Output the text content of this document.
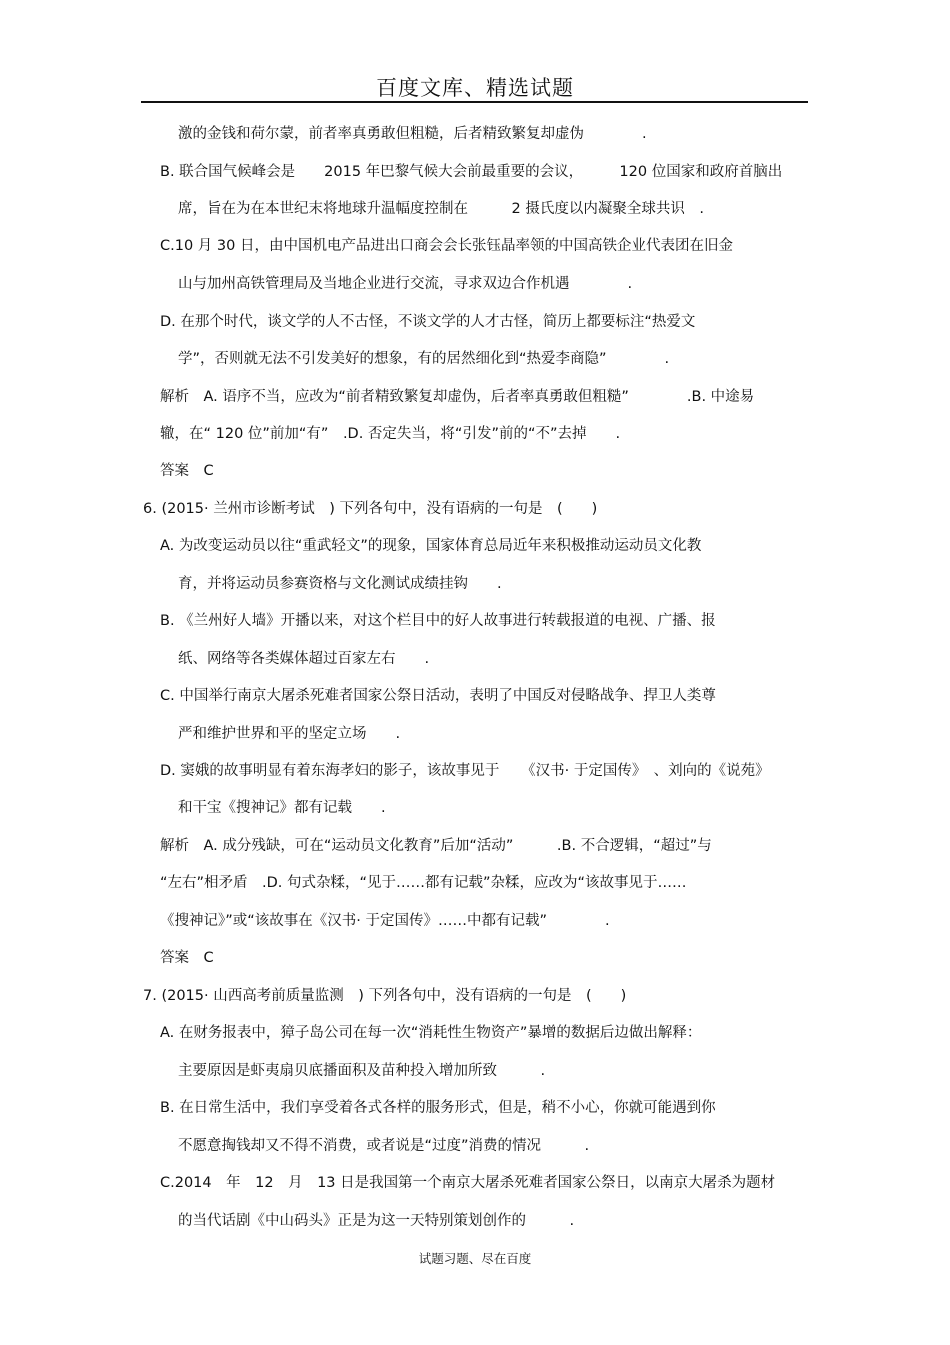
百度文库、精选试题
激的金钱和荷尔蒙，前者率真勇敢但粗糙，后者精致繁复却虚伪　　　　.
B. 联合国气候峰会是　　2015 年巴黎气候大会前最重要的会议，　　　120 位国家和政府首脑出
席，旨在为在本世纪末将地球升温幅度控制在　　　2 摄氏度以内凝聚全球共识　.
C.10 月 30 日，由中国机电产品进出口商会会长张钰晶率领的中国高铁企业代表团在旧金
山与加州高铁管理局及当地企业进行交流，寻求双边合作机遇　　　　.
D. 在那个时代，谈文学的人不古怪，不谈文学的人才古怪，简历上都要标注“热爱文
学”，否则就无法不引发美好的想象，有的居然细化到“热爱李商隐”　　　　.
解析　A. 语序不当，应改为“前者精致繁复却虚伪，后者率真勇敢但粗糙”　　　　.B. 中途易
辙，在“ 120 位”前加“有”　.D. 否定失当，将“引发”前的“不”去掉　　.
答案　C
6. (2015· 兰州市诊断考试　) 下列各句中，没有语病的一句是　(　　)
A. 为改变运动员以往“重武轻文”的现象，国家体育总局近年来积极推动运动员文化教
育，并将运动员参赛资格与文化测试成绩挂钩　　.
B. 《兰州好人墙》开播以来，对这个栏目中的好人故事进行转载报道的电视、广播、报
纸、网络等各类媒体超过百家左右　　.
C. 中国举行南京大屠杀死难者国家公祭日活动，表明了中国反对侵略战争、捍卫人类尊
严和维护世界和平的坚定立场　　.
D. 窦娥的故事明显有着东海孝妇的影子，该故事见于　　《汉书· 于定国传》　、刘向的《说苑》
和干宝《搜神记》都有记载　　.
解析　A. 成分残缺，可在“运动员文化教育”后加“活动”　　　.B. 不合逻辑，“超过”与
“左右”相矛盾　.D. 句式杂糅，“见于……都有记载”杂糅，应改为“该故事见于……
《搜神记》”或“该故事在《汉书· 于定国传》……中都有记载”　　　　.
答案　C
7. (2015· 山西高考前质量监测　) 下列各句中，没有语病的一句是　(　　)
A. 在财务报表中，獐子岛公司在每一次“消耗性生物资产”暴增的数据后边做出解释：
主要原因是虾夷扇贝底播面积及苗种投入增加所致　　　.
B. 在日常生活中，我们享受着各式各样的服务形式，但是，稍不小心，你就可能遇到你
不愿意掏钱却又不得不消费，或者说是“过度”消费的情况　　　.
C.2014　年　12　月　13 日是我国第一个南京大屠杀死难者国家公祭日，以南京大屠杀为题材
的当代话剧《中山码头》正是为这一天特别策划创作的　　　.
试题习题、尽在百度
